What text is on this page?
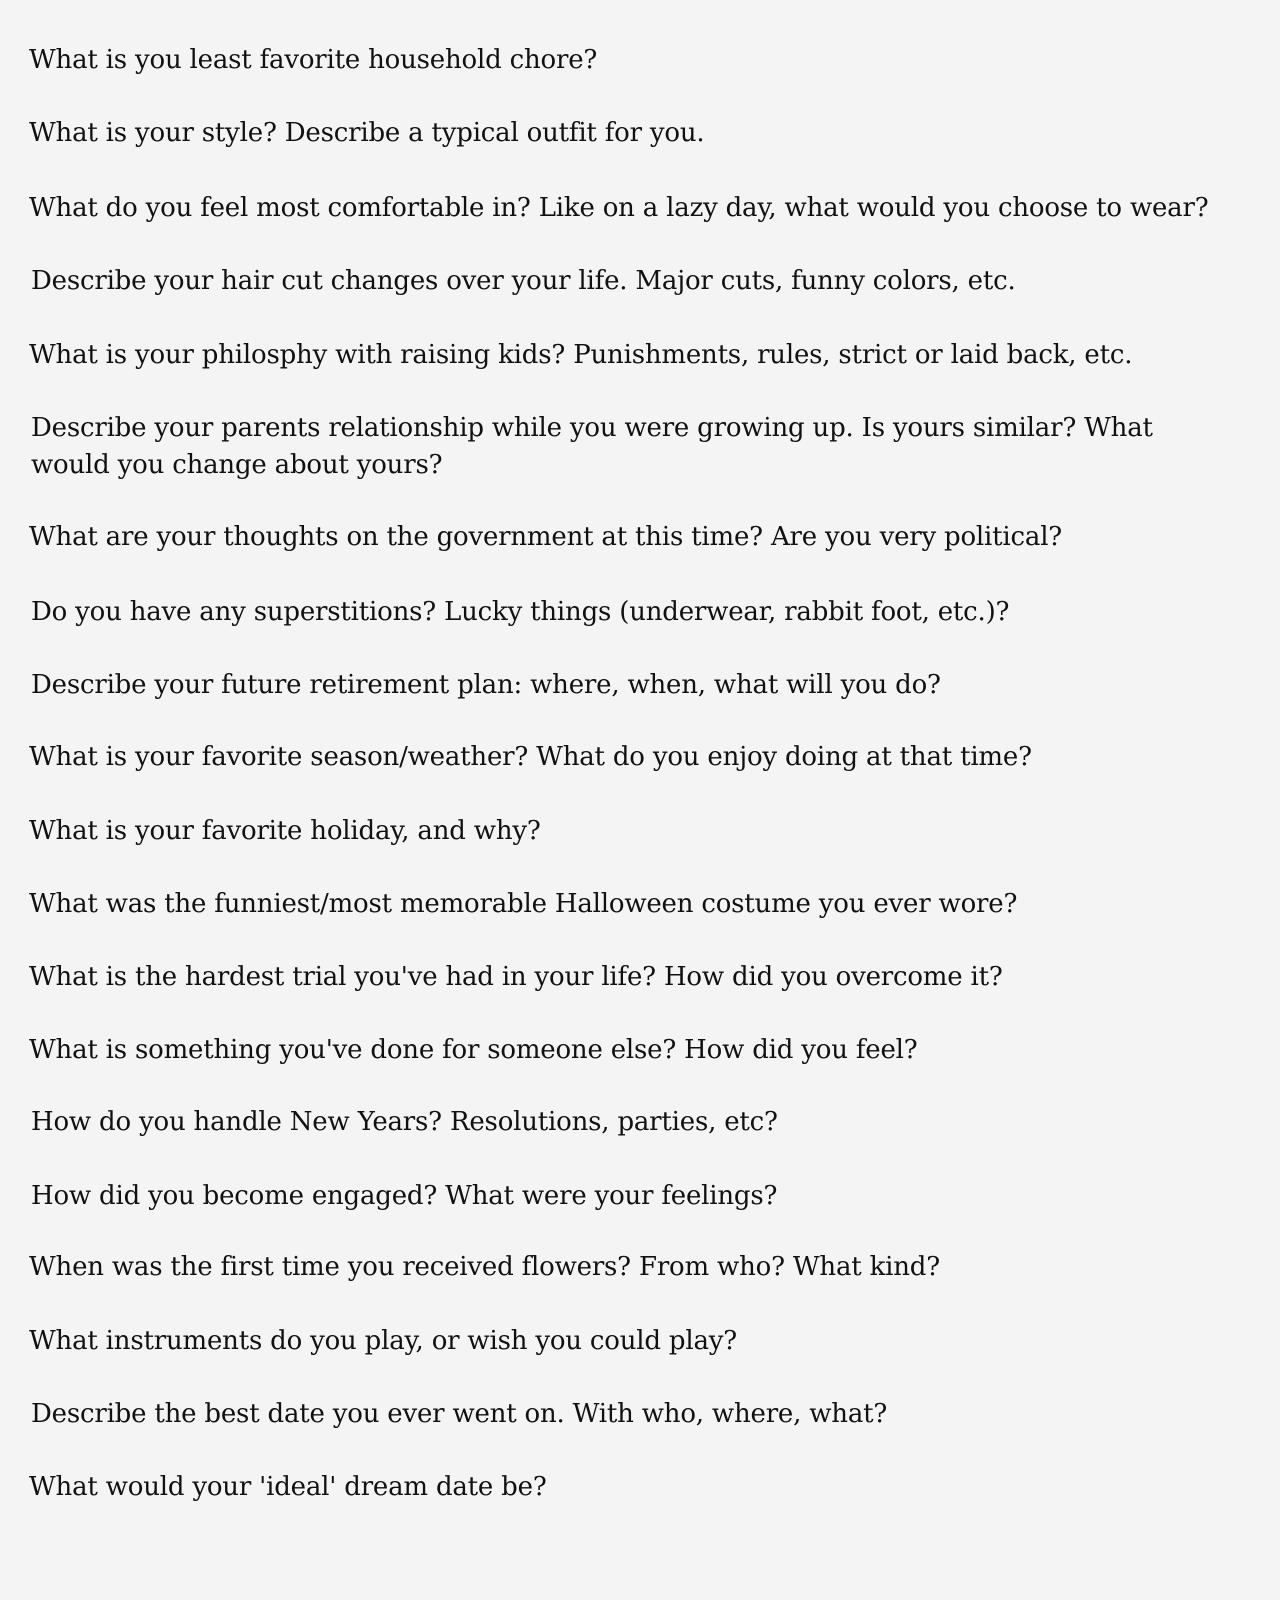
What is you least favorite household chore?

What is your style? Describe a typical outfit for you.

What do you feel most comfortable in? Like on a lazy day, what would you choose to wear?

Describe your hair cut changes over your life. Major cuts, funny colors, etc.

What is your philosphy with raising kids? Punishments, rules, strict or laid back, etc.

Describe your parents relationship while you were growing up. Is yours similar? What would you change about yours?

What are your thoughts on the government at this time? Are you very political?

Do you have any superstitions? Lucky things (underwear, rabbit foot, etc.)?

Describe your future retirement plan: where, when, what will you do?

What is your favorite season/weather? What do you enjoy doing at that time?

What is your favorite holiday, and why?

What was the funniest/most memorable Halloween costume you ever wore?

What is the hardest trial you've had in your life? How did you overcome it?

What is something you've done for someone else? How did you feel?

How do you handle New Years? Resolutions, parties, etc?

How did you become engaged? What were your feelings?

When was the first time you received flowers? From who? What kind?

What instruments do you play, or wish you could play?

Describe the best date you ever went on. With who, where, what?

What would your 'ideal' dream date be?
